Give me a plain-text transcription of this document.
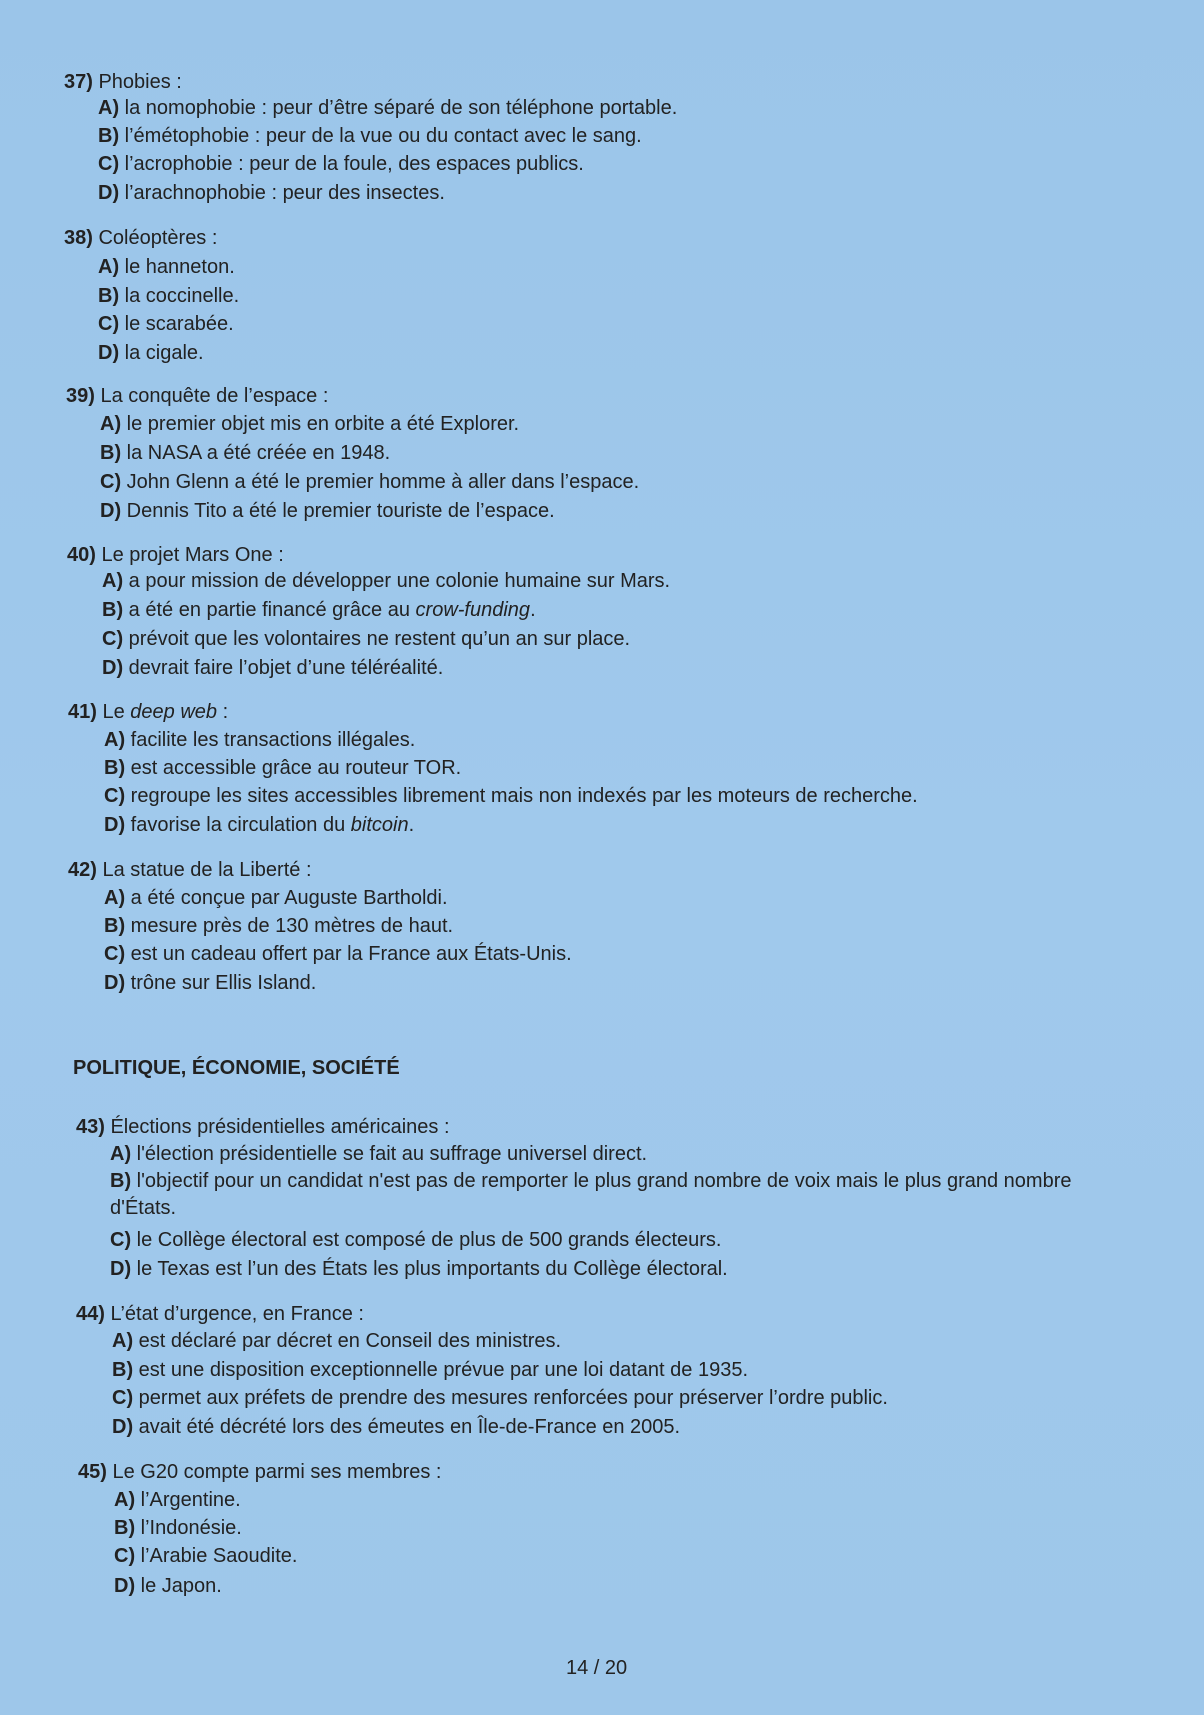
37) Phobies :
A) la nomophobie : peur d’être séparé de son téléphone portable.
B) l’émétophobie : peur de la vue ou du contact avec le sang.
C) l’acrophobie : peur de la foule, des espaces publics.
D) l’arachnophobie : peur des insectes.
38) Coléoptères :
A) le hanneton.
B) la coccinelle.
C) le scarabée.
D) la cigale.
39) La conquête de l’espace :
A) le premier objet mis en orbite a été Explorer.
B) la NASA a été créée en 1948.
C) John Glenn a été le premier homme à aller dans l’espace.
D) Dennis Tito a été le premier touriste de l’espace.
40) Le projet Mars One :
A) a pour mission de développer une colonie humaine sur Mars.
B) a été en partie financé grâce au crow-funding.
C) prévoit que les volontaires ne restent qu’un an sur place.
D) devrait faire l’objet d’une téléréalité.
41) Le deep web :
A) facilite les transactions illégales.
B) est accessible grâce au routeur TOR.
C) regroupe les sites accessibles librement mais non indexés par les moteurs de recherche.
D) favorise la circulation du bitcoin.
42) La statue de la Liberté :
A) a été conçue par Auguste Bartholdi.
B) mesure près de 130 mètres de haut.
C) est un cadeau offert par la France aux États-Unis.
D) trône sur Ellis Island.
POLITIQUE, ÉCONOMIE, SOCIÉTÉ
43) Élections présidentielles américaines :
A) l'élection présidentielle se fait au suffrage universel direct.
B) l'objectif pour un candidat n'est pas de remporter le plus grand nombre de voix mais le plus grand nombre d'États.
C) le Collège électoral est composé de plus de 500 grands électeurs.
D) le Texas est l’un des États les plus importants du Collège électoral.
44) L’état d’urgence, en France :
A) est déclaré par décret en Conseil des ministres.
B) est une disposition exceptionnelle prévue par une loi datant de 1935.
C) permet aux préfets de prendre des mesures renforcées pour préserver l’ordre public.
D) avait été décrété lors des émeutes en Île-de-France en 2005.
45) Le G20 compte parmi ses membres :
A) l’Argentine.
B) l’Indonésie.
C) l’Arabie Saoudite.
D) le Japon.
14 / 20
